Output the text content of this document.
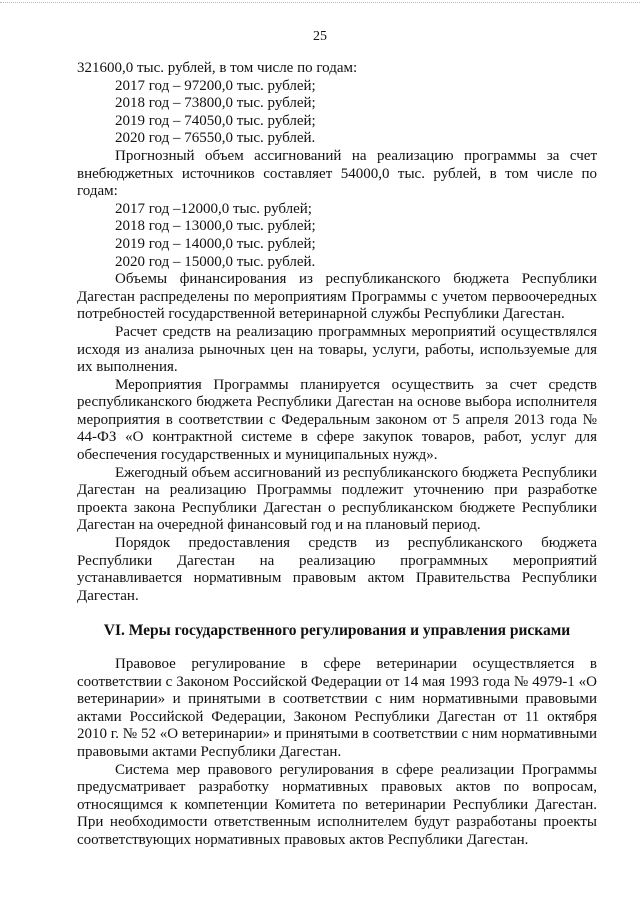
25

321600,0 тыс. рублей, в том числе по годам:

2017 год – 97200,0 тыс. рублей;

2018 год – 73800,0 тыс. рублей;

2019 год – 74050,0 тыс. рублей;

2020 год – 76550,0 тыс. рублей.

Прогнозный объем ассигнований на реализацию программы за счет внебюджетных источников составляет 54000,0 тыс. рублей, в том числе по годам:

2017 год –12000,0 тыс. рублей;

2018 год – 13000,0 тыс. рублей;

2019 год – 14000,0 тыс. рублей;

2020 год – 15000,0 тыс. рублей.

Объемы финансирования из республиканского бюджета Республики Дагестан распределены по мероприятиям Программы с учетом первоочередных потребностей государственной ветеринарной службы Республики Дагестан.

Расчет средств на реализацию программных мероприятий осуществлялся исходя из анализа рыночных цен на товары, услуги, работы, используемые для их выполнения.

Мероприятия Программы планируется осуществить за счет средств республиканского бюджета Республики Дагестан на основе выбора исполнителя мероприятия в соответствии с Федеральным законом от 5 апреля 2013 года № 44-ФЗ «О контрактной системе в сфере закупок товаров, работ, услуг для обеспечения государственных и муниципальных нужд».

Ежегодный объем ассигнований из республиканского бюджета Республики Дагестан на реализацию Программы подлежит уточнению при разработке проекта закона Республики Дагестан о республиканском бюджете Республики Дагестан на очередной финансовый год и на плановый период.

Порядок предоставления средств из республиканского бюджета Республики Дагестан на реализацию программных мероприятий устанавливается нормативным правовым актом Правительства Республики Дагестан.

VI. Меры государственного регулирования и управления рисками

Правовое регулирование в сфере ветеринарии осуществляется в соответствии с Законом Российской Федерации от 14 мая 1993 года № 4979-1 «О ветеринарии» и принятыми в соответствии с ним нормативными правовыми актами Российской Федерации, Законом Республики Дагестан от 11 октября 2010 г. № 52 «О ветеринарии» и принятыми в соответствии с ним нормативными правовыми актами Республики Дагестан.

Система мер правового регулирования в сфере реализации Программы предусматривает разработку нормативных правовых актов по вопросам, относящимся к компетенции Комитета по ветеринарии Республики Дагестан. При необходимости ответственным исполнителем будут разработаны проекты соответствующих нормативных правовых актов Республики Дагестан.
